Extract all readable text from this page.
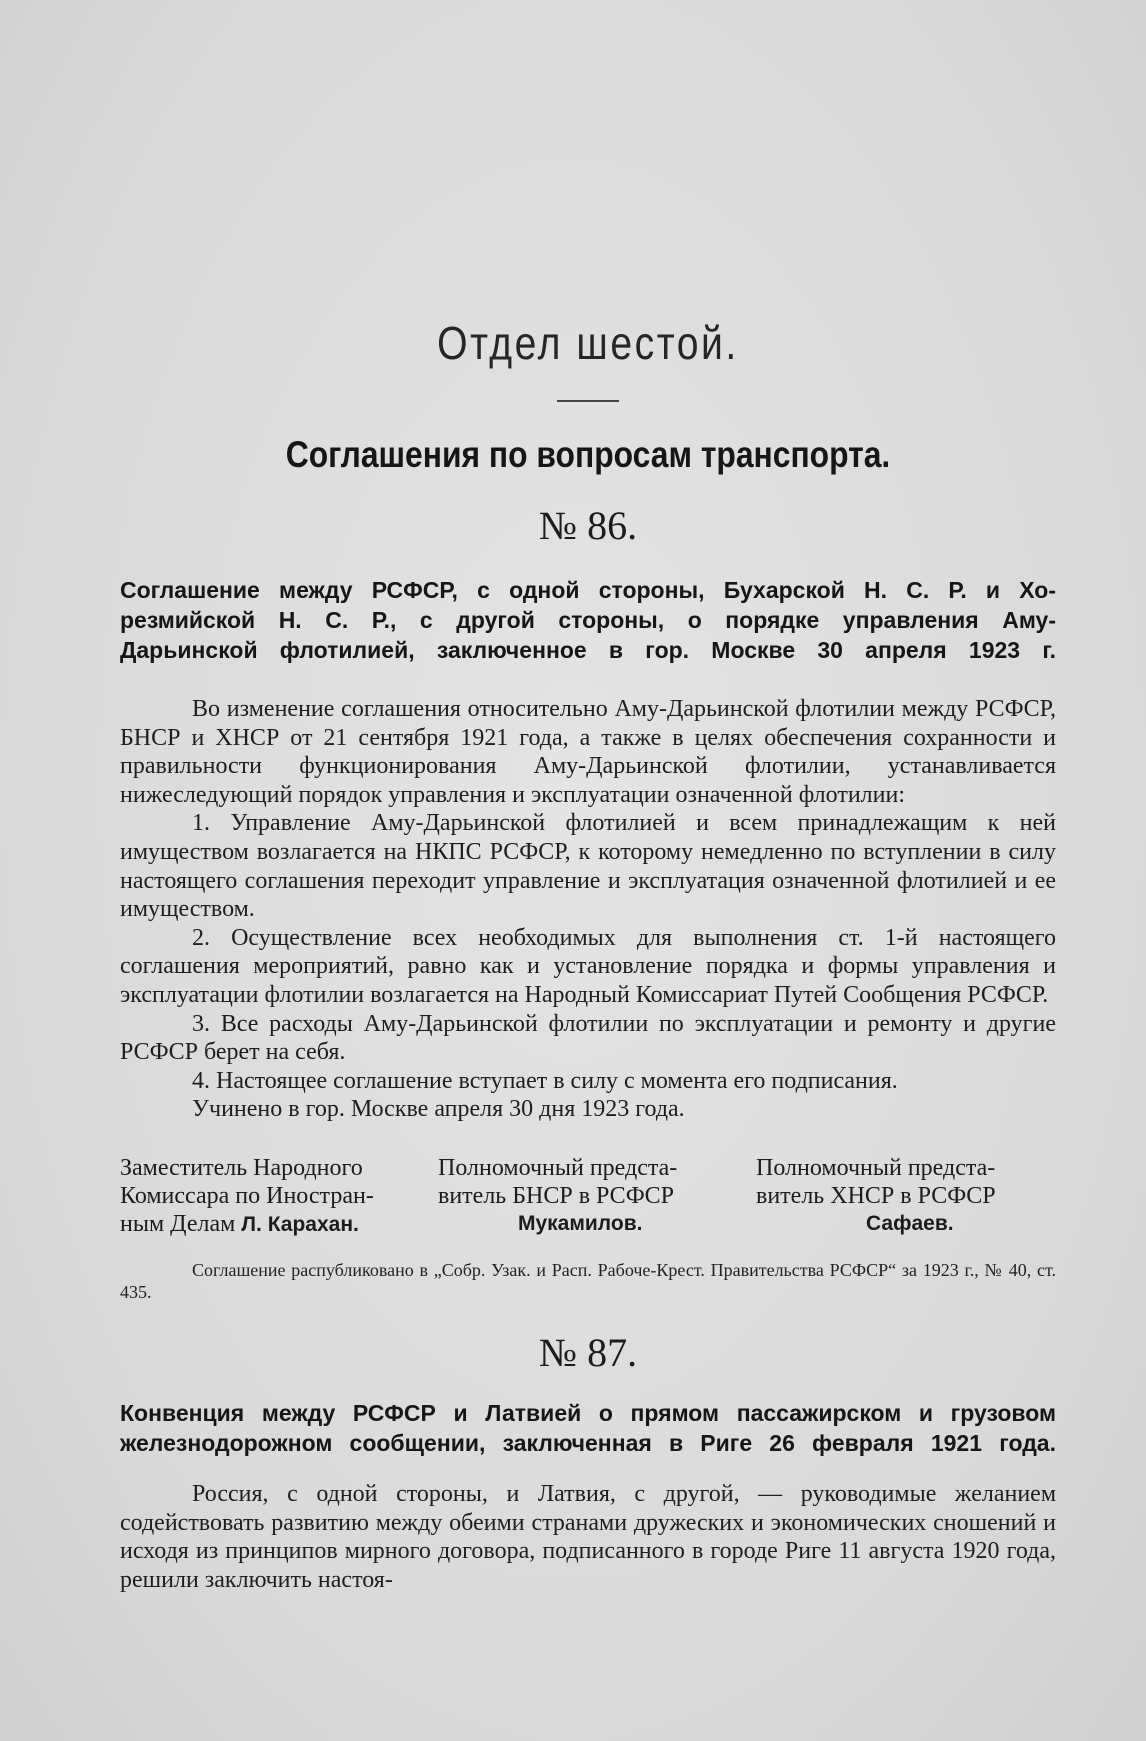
Отдел шестой.
Соглашения по вопросам транспорта.
№ 86.
Соглашение между РСФСР, с одной стороны, Бухарской Н. С. Р. и Хо-
резмийской Н. С. Р., с другой стороны, о порядке управления Аму-
Дарьинской флотилией, заключенное в гор. Москве 30 апреля 1923 г.

Во изменение соглашения относительно Аму-Дарьинской флотилии между РСФСР, БНСР и ХНСР от 21 сентября 1921 года, а также в целях обеспечения сохранности и правильности функционирования Аму-Дарьинской флотилии, устанавливается нижеследующий порядок управления и эксплуатации означенной флотилии:

1. Управление Аму-Дарьинской флотилией и всем принадлежащим к ней имуществом возлагается на НКПС РСФСР, к которому немедленно по вступлении в силу настоящего соглашения переходит управление и эксплуатация означенной флотилией и ее имуществом.

2. Осуществление всех необходимых для выполнения ст. 1-й настоящего соглашения мероприятий, равно как и установление порядка и формы управления и эксплуатации флотилии возлагается на Народный Комиссариат Путей Сообщения РСФСР.

3. Все расходы Аму-Дарьинской флотилии по эксплуатации и ремонту и другие РСФСР берет на себя.

4. Настоящее соглашение вступает в силу с момента его подписания.

Учинено в гор. Москве апреля 30 дня 1923 года.

Заместитель Народного
Комиссара по Иностран-
ным Делам Л. Карахан.
Полномочный предста-
витель БНСР в РСФСР
Мукамилов.
Полномочный предста-
витель ХНСР в РСФСР
Сафаев.

Соглашение распубликовано в „Собр. Узак. и Расп. Рабоче-Крест. Правительства РСФСР“ за 1923 г., № 40, ст. 435.

№ 87.
Конвенция между РСФСР и Латвией о прямом пассажирском и грузовом
железнодорожном сообщении, заключенная в Риге 26 февраля 1921 года.

Россия, с одной стороны, и Латвия, с другой, — руководимые желанием содействовать развитию между обеими странами дружеских и экономических сношений и исходя из принципов мирного договора, подписанного в городе Риге 11 августа 1920 года, решили заключить настоя-
